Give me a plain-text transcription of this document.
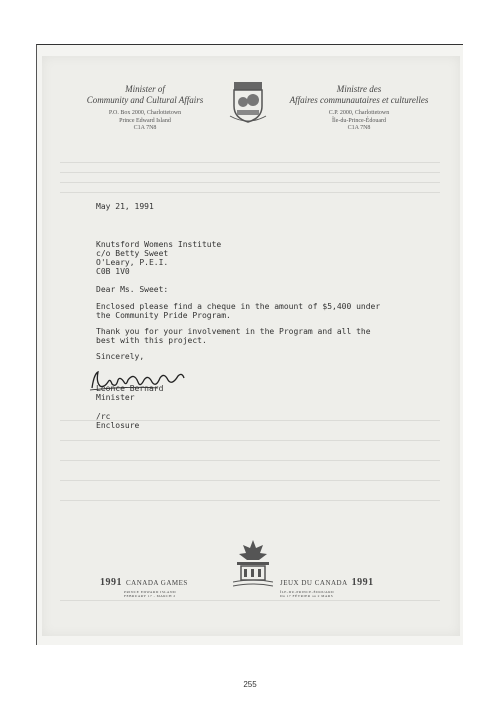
Minister of
Community and Cultural Affairs
P.O. Box 2000, Charlottetown
Prince Edward Island
C1A 7N8
Ministre des
Affaires communautaires et culturelles
C.P. 2000, Charlottetown
Île-du-Prince-Édouard
C1A 7N8
May 21, 1991
Knutsford Womens Institute
c/o Betty Sweet
O'Leary, P.E.I.
C0B 1V0
Dear Ms. Sweet:
Enclosed please find a cheque in the amount of $5,400 under
the Community Pride Program.
Thank you for your involvement in the Program and all the
best with this project.
Sincerely,
Leonce Bernard
Minister
/rc
Enclosure
1991 CANADA GAMES
PRINCE EDWARD ISLAND
FEBRUARY 17 - MARCH 2
JEUX DU CANADA 1991
ÎLE-DU-PRINCE-ÉDOUARD
Du 17 FÉVRIER au 2 MARS
255
